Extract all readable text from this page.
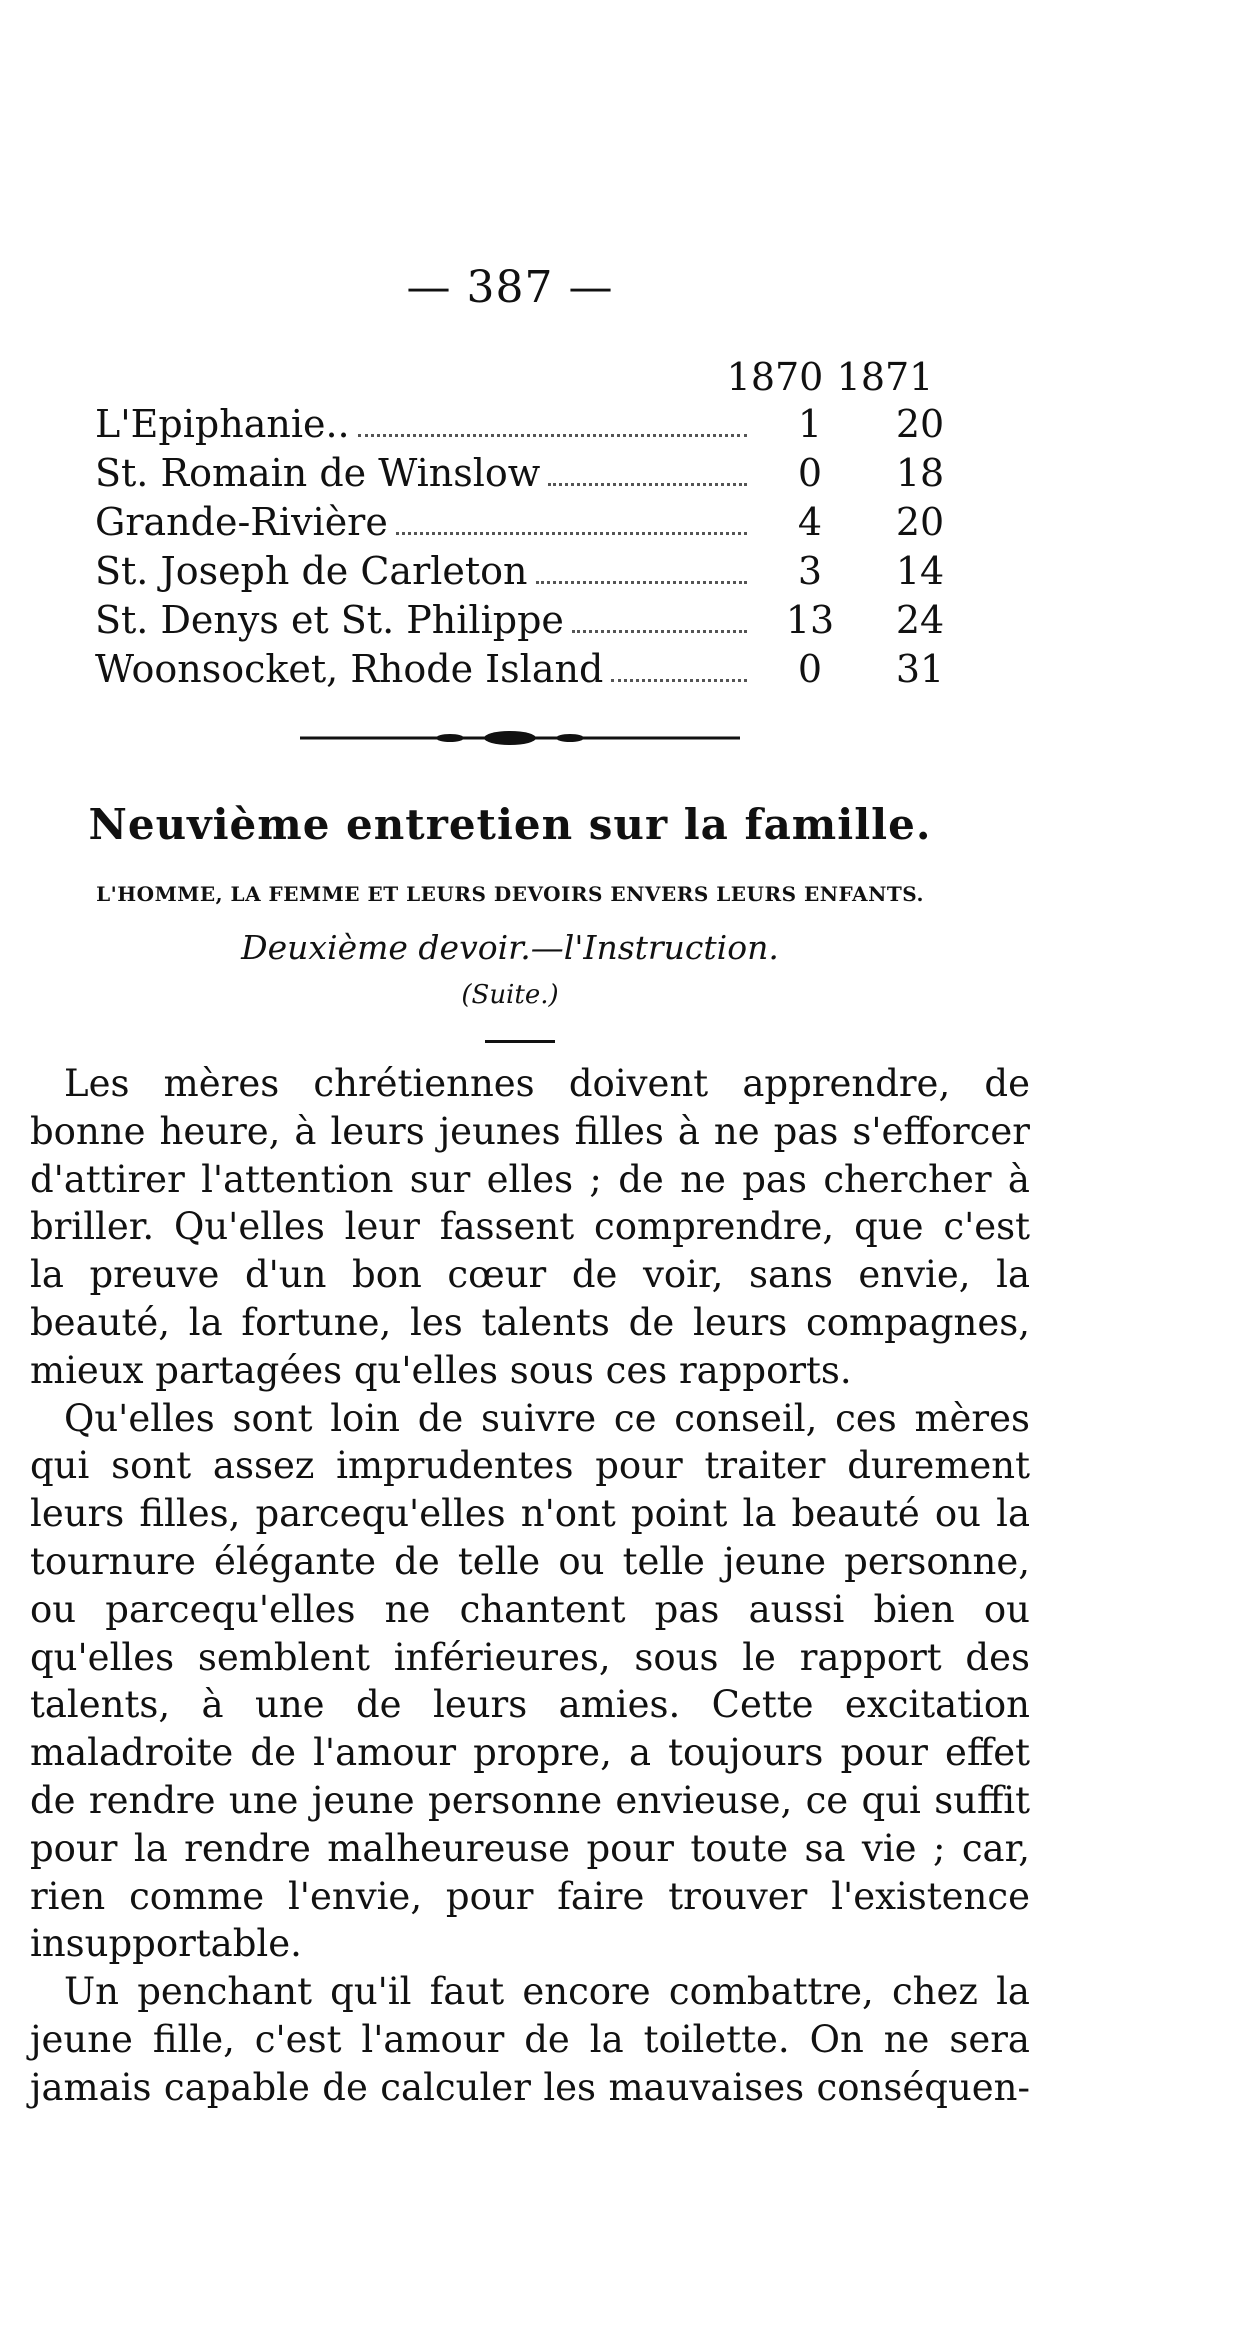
— 387 —
1870 1871
L'Epiphanie..	1	20
St. Romain de Winslow	0	18
Grande-Rivière	4	20
St. Joseph de Carleton	3	14
St. Denys et St. Philippe	13	24
Woonsocket, Rhode Island	0	31
Neuvième entretien sur la famille.
L'HOMME, LA FEMME ET LEURS DEVOIRS ENVERS LEURS ENFANTS.
Deuxième devoir.—l'Instruction.
(Suite.)
Les mères chrétiennes doivent apprendre, de
bonne heure, à leurs jeunes filles à ne pas s'efforcer
d'attirer l'attention sur elles ; de ne pas chercher à
briller. Qu'elles leur fassent comprendre, que c'est
la preuve d'un bon cœur de voir, sans envie, la
beauté, la fortune, les talents de leurs compagnes,
mieux partagées qu'elles sous ces rapports.
Qu'elles sont loin de suivre ce conseil, ces mères
qui sont assez imprudentes pour traiter durement
leurs filles, parcequ'elles n'ont point la beauté ou la
tournure élégante de telle ou telle jeune personne,
ou parcequ'elles ne chantent pas aussi bien ou
qu'elles semblent inférieures, sous le rapport des
talents, à une de leurs amies. Cette excitation
maladroite de l'amour propre, a toujours pour effet
de rendre une jeune personne envieuse, ce qui suffit
pour la rendre malheureuse pour toute sa vie ; car,
rien comme l'envie, pour faire trouver l'existence
insupportable.
Un penchant qu'il faut encore combattre, chez la
jeune fille, c'est l'amour de la toilette. On ne sera
jamais capable de calculer les mauvaises conséquen-
